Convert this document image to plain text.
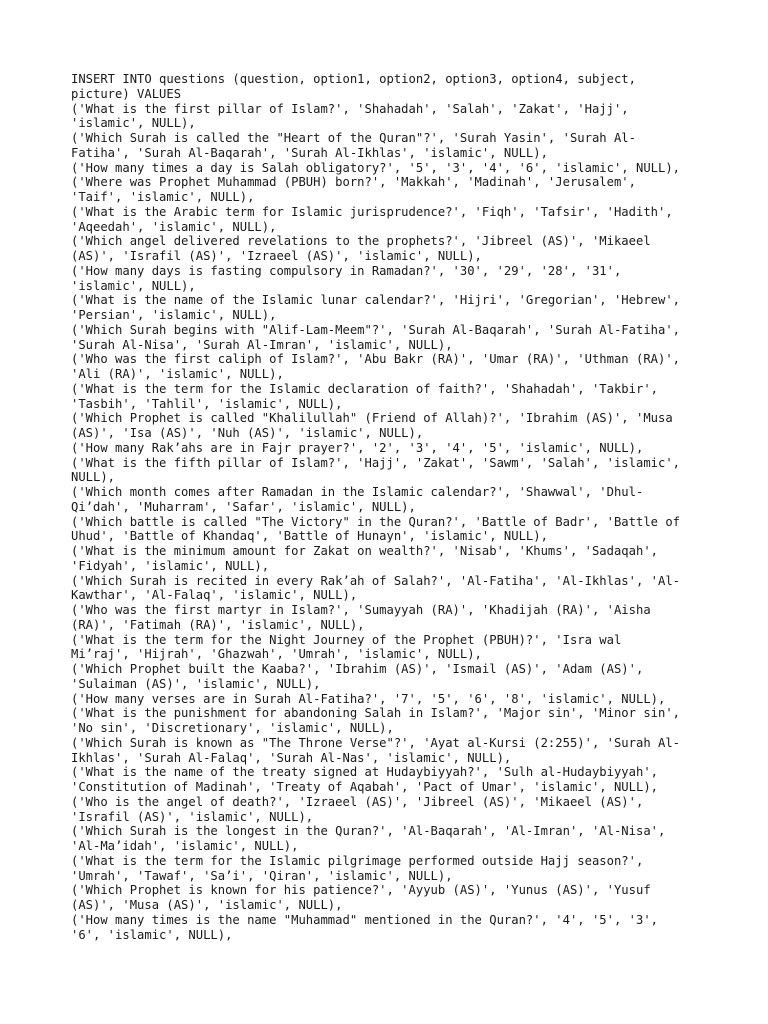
INSERT INTO questions (question, option1, option2, option3, option4, subject,
picture) VALUES
('What is the first pillar of Islam?', 'Shahadah', 'Salah', 'Zakat', 'Hajj',
'islamic', NULL),
('Which Surah is called the "Heart of the Quran"?', 'Surah Yasin', 'Surah Al-
Fatiha', 'Surah Al-Baqarah', 'Surah Al-Ikhlas', 'islamic', NULL),
('How many times a day is Salah obligatory?', '5', '3', '4', '6', 'islamic', NULL),
('Where was Prophet Muhammad (PBUH) born?', 'Makkah', 'Madinah', 'Jerusalem',
'Taif', 'islamic', NULL),
('What is the Arabic term for Islamic jurisprudence?', 'Fiqh', 'Tafsir', 'Hadith',
'Aqeedah', 'islamic', NULL),
('Which angel delivered revelations to the prophets?', 'Jibreel (AS)', 'Mikaeel
(AS)', 'Israfil (AS)', 'Izraeel (AS)', 'islamic', NULL),
('How many days is fasting compulsory in Ramadan?', '30', '29', '28', '31',
'islamic', NULL),
('What is the name of the Islamic lunar calendar?', 'Hijri', 'Gregorian', 'Hebrew',
'Persian', 'islamic', NULL),
('Which Surah begins with "Alif-Lam-Meem"?', 'Surah Al-Baqarah', 'Surah Al-Fatiha',
'Surah Al-Nisa', 'Surah Al-Imran', 'islamic', NULL),
('Who was the first caliph of Islam?', 'Abu Bakr (RA)', 'Umar (RA)', 'Uthman (RA)',
'Ali (RA)', 'islamic', NULL),
('What is the term for the Islamic declaration of faith?', 'Shahadah', 'Takbir',
'Tasbih', 'Tahlil', 'islamic', NULL),
('Which Prophet is called "Khalilullah" (Friend of Allah)?', 'Ibrahim (AS)', 'Musa
(AS)', 'Isa (AS)', 'Nuh (AS)', 'islamic', NULL),
('How many Rak’ahs are in Fajr prayer?', '2', '3', '4', '5', 'islamic', NULL),
('What is the fifth pillar of Islam?', 'Hajj', 'Zakat', 'Sawm', 'Salah', 'islamic',
NULL),
('Which month comes after Ramadan in the Islamic calendar?', 'Shawwal', 'Dhul-
Qi’dah', 'Muharram', 'Safar', 'islamic', NULL),
('Which battle is called "The Victory" in the Quran?', 'Battle of Badr', 'Battle of
Uhud', 'Battle of Khandaq', 'Battle of Hunayn', 'islamic', NULL),
('What is the minimum amount for Zakat on wealth?', 'Nisab', 'Khums', 'Sadaqah',
'Fidyah', 'islamic', NULL),
('Which Surah is recited in every Rak’ah of Salah?', 'Al-Fatiha', 'Al-Ikhlas', 'Al-
Kawthar', 'Al-Falaq', 'islamic', NULL),
('Who was the first martyr in Islam?', 'Sumayyah (RA)', 'Khadijah (RA)', 'Aisha
(RA)', 'Fatimah (RA)', 'islamic', NULL),
('What is the term for the Night Journey of the Prophet (PBUH)?', 'Isra wal
Mi’raj', 'Hijrah', 'Ghazwah', 'Umrah', 'islamic', NULL),
('Which Prophet built the Kaaba?', 'Ibrahim (AS)', 'Ismail (AS)', 'Adam (AS)',
'Sulaiman (AS)', 'islamic', NULL),
('How many verses are in Surah Al-Fatiha?', '7', '5', '6', '8', 'islamic', NULL),
('What is the punishment for abandoning Salah in Islam?', 'Major sin', 'Minor sin',
'No sin', 'Discretionary', 'islamic', NULL),
('Which Surah is known as "The Throne Verse"?', 'Ayat al-Kursi (2:255)', 'Surah Al-
Ikhlas', 'Surah Al-Falaq', 'Surah Al-Nas', 'islamic', NULL),
('What is the name of the treaty signed at Hudaybiyyah?', 'Sulh al-Hudaybiyyah',
'Constitution of Madinah', 'Treaty of Aqabah', 'Pact of Umar', 'islamic', NULL),
('Who is the angel of death?', 'Izraeel (AS)', 'Jibreel (AS)', 'Mikaeel (AS)',
'Israfil (AS)', 'islamic', NULL),
('Which Surah is the longest in the Quran?', 'Al-Baqarah', 'Al-Imran', 'Al-Nisa',
'Al-Ma’idah', 'islamic', NULL),
('What is the term for the Islamic pilgrimage performed outside Hajj season?',
'Umrah', 'Tawaf', 'Sa’i', 'Qiran', 'islamic', NULL),
('Which Prophet is known for his patience?', 'Ayyub (AS)', 'Yunus (AS)', 'Yusuf
(AS)', 'Musa (AS)', 'islamic', NULL),
('How many times is the name "Muhammad" mentioned in the Quran?', '4', '5', '3',
'6', 'islamic', NULL),
